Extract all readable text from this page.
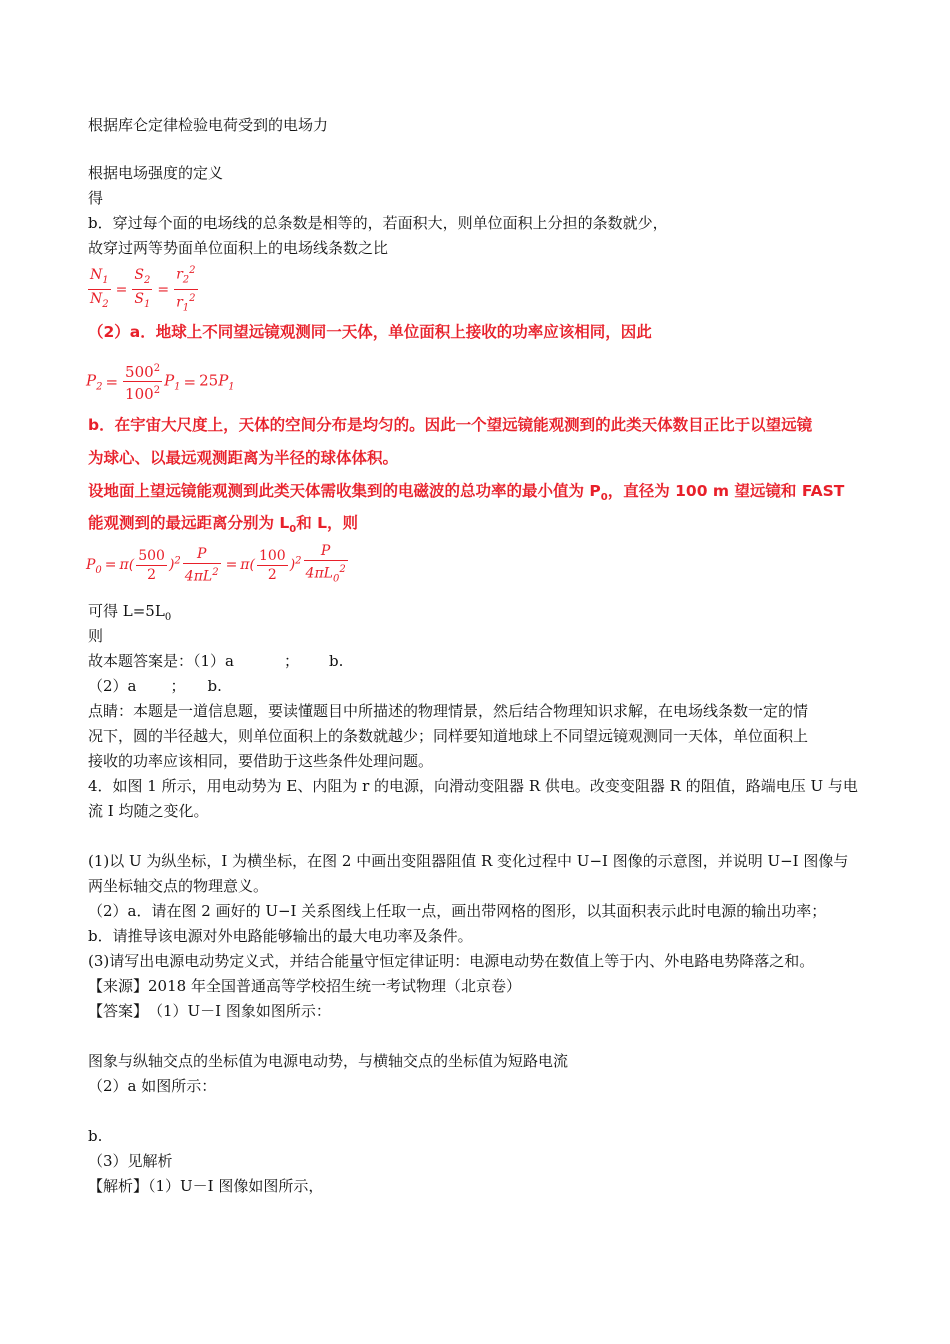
根据库仑定律检验电荷受到的电场力
根据电场强度的定义
得
b．穿过每个面的电场线的总条数是相等的，若面积大，则单位面积上分担的条数就少，
故穿过两等势面单位面积上的电场线条数之比
$\frac{N_1}{N_2} = \frac{S_2}{S_1} = \frac{r_2^2}{r_1^2}$
（2）a．地球上不同望远镜观测同一天体，单位面积上接收的功率应该相同，因此
$P_2 = \frac{500^2}{100^2} P_1 = 25P_1$
b．在宇宙大尺度上，天体的空间分布是均匀的。因此一个望远镜能观测到的此类天体数目正比于以望远镜
为球心、以最远观测距离为半径的球体体积。
设地面上望远镜能观测到此类天体需收集到的电磁波的总功率的最小值为 $P_0$，直径为 100 m 望远镜和 FAST
能观测到的最远距离分别为 $L_0$和 L，则
$P_0 = \pi( \frac{500}{2} )^2 \frac{P}{4\pi L^2} = \pi( \frac{100}{2} )^2 \frac{P}{4\pi L_0^2}$
可得 $L=5L_0$
则
故本题答案是：（1）a	； b.
（2）a ； b.
点睛：本题是一道信息题，要读懂题目中所描述的物理情景，然后结合物理知识求解，在电场线条数一定的情
况下，圆的半径越大，则单位面积上的条数就越少；同样要知道地球上不同望远镜观测同一天体，单位面积上
接收的功率应该相同，要借助于这些条件处理问题。
4．如图 1 所示，用电动势为 E、内阻为 r 的电源，向滑动变阻器 R 供电。改变变阻器 R 的阻值，路端电压 U 与电
流 I 均随之变化。
(1)以 U 为纵坐标，I 为横坐标，在图 2 中画出变阻器阻值 R 变化过程中 U−I 图像的示意图，并说明 U−I 图像与
两坐标轴交点的物理意义。
（2）a．请在图 2 画好的 U−I 关系图线上任取一点，画出带网格的图形，以其面积表示此时电源的输出功率；
b．请推导该电源对外电路能够输出的最大电功率及条件。
(3)请写出电源电动势定义式，并结合能量守恒定律证明：电源电动势在数值上等于内、外电路电势降落之和。
【来源】2018 年全国普通高等学校招生统一考试物理（北京卷）
【答案】　（1）U－I 图象如图所示：
图象与纵轴交点的坐标值为电源电动势，与横轴交点的坐标值为短路电流
（2）a 如图所示：
b.
（3）见解析
【解析】（1）U－I 图像如图所示，
